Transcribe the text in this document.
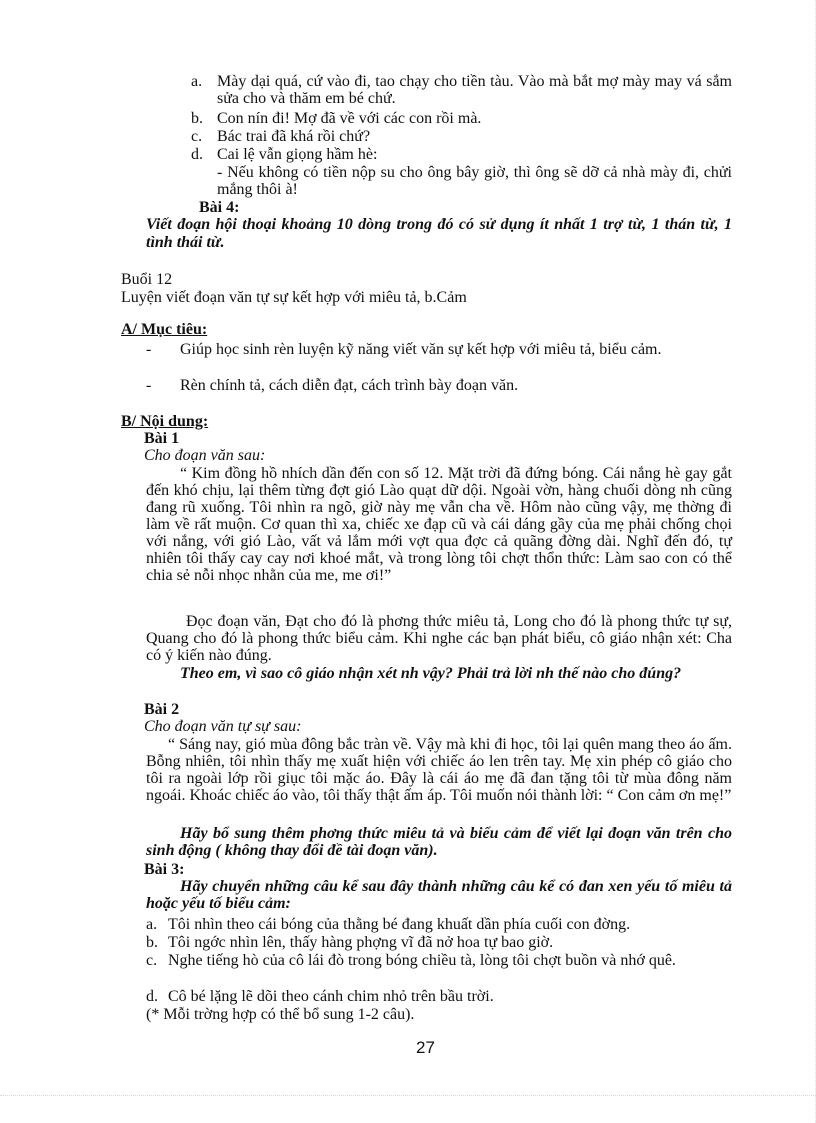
a. Mày dại quá, cứ vào đi, tao chạy cho tiền tàu. Vào mà bắt mợ mày may vá sắm sửa cho và thăm em bé chứ.
b. Con nín đi! Mợ đã về với các con rồi mà.
c. Bác trai đã khá rồi chứ?
d. Cai lệ vẫn giọng hầm hè:
- Nếu không có tiền nộp su cho ông bây giờ, thì ông sẽ dỡ cả nhà mày đi, chửi mắng thôi à!
Bài 4:
Viết đoạn hội thoại khoảng 10 dòng trong đó có sử dụng ít nhất 1 trợ từ, 1 thán từ, 1 tình thái từ.
Buổi 12
Luyện viết đoạn văn tự sự kết hợp với miêu tả, b.Cảm
A/ Mục tiêu:
- Giúp học sinh rèn luyện kỹ năng viết văn sự kết hợp với miêu tả, biểu cảm.
- Rèn chính tả, cách diễn đạt, cách trình bày đoạn văn.
B/ Nội dung:
Bài 1
Cho đoạn văn sau:
“ Kim đồng hồ nhích dần đến con số 12. Mặt trời đã đứng bóng. Cái nắng hè gay gắt đến khó chịu, lại thêm từng đợt gió Lào quạt dữ dội. Ngoài vờn, hàng chuối dòng nh cũng đang rũ xuống. Tôi nhìn ra ngõ, giờ này mẹ vẫn cha về. Hôm nào cũng vậy, mẹ thờng đi làm về rất muộn. Cơ quan thì xa, chiếc xe đạp cũ và cái dáng gầy của mẹ phải chống chọi với nắng, với gió Lào, vất vả lắm mới vợt qua đợc cả quãng đờng dài. Nghĩ đến đó, tự nhiên tôi thấy cay cay nơi khoé mắt, và trong lòng tôi chợt thổn thức: Làm sao con có thể chia sẻ nỗi nhọc nhằn của me, me ơi!”
Đọc đoạn văn, Đạt cho đó là phơng thức miêu tả, Long cho đó là phong thức tự sự, Quang cho đó là phong thức biểu cảm. Khi nghe các bạn phát biểu, cô giáo nhận xét: Cha có ý kiến nào đúng.
Theo em, vì sao cô giáo nhận xét nh vậy? Phải trả lời nh thế nào cho đúng?
Bài 2
Cho đoạn văn tự sự sau:
“ Sáng nay, gió mùa đông bắc tràn về. Vậy mà khi đi học, tôi lại quên mang theo áo ấm. Bỗng nhiên, tôi nhìn thấy mẹ xuất hiện với chiếc áo len trên tay. Mẹ xin phép cô giáo cho tôi ra ngoài lớp rồi giục tôi mặc áo. Đây là cái áo mẹ đã đan tặng tôi từ mùa đông năm ngoái. Khoác chiếc áo vào, tôi thấy thật ấm áp. Tôi muốn nói thành lời: “ Con cảm ơn mẹ!”
Hãy bổ sung thêm phơng thức miêu tả và biểu cảm để viết lại đoạn văn trên cho sinh động ( không thay đổi đề tài đoạn văn).
Bài 3:
Hãy chuyển những câu kể sau đây thành những câu kể có đan xen yếu tố miêu tả hoặc yếu tố biểu cảm:
a. Tôi nhìn theo cái bóng của thằng bé đang khuất dần phía cuối con đờng.
b. Tôi ngớc nhìn lên, thấy hàng phợng vĩ đã nở hoa tự bao giờ.
c. Nghe tiếng hò của cô lái đò trong bóng chiều tà, lòng tôi chợt buồn và nhớ quê.
d. Cô bé lặng lẽ dõi theo cánh chim nhỏ trên bầu trời.
(* Mỗi trờng hợp có thể bổ sung 1-2 câu).
27
